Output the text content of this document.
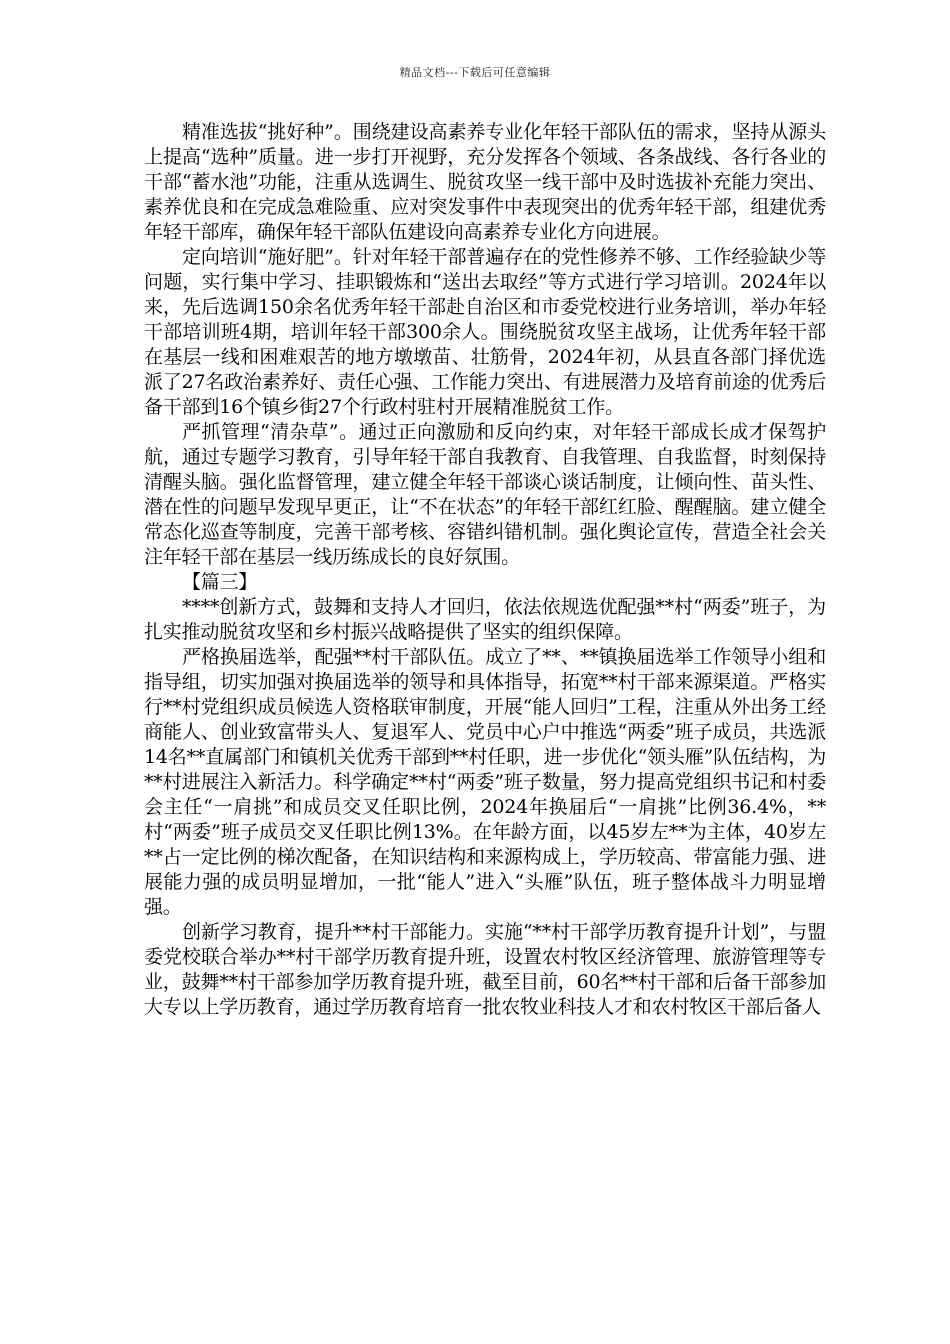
精品文档---下载后可任意编辑

精准选拔“挑好种”。围绕建设高素养专业化年轻干部队伍的需求，坚持从源头上提高“选种”质量。进一步打开视野，充分发挥各个领域、各条战线、各行各业的干部“蓄水池”功能，注重从选调生、脱贫攻坚一线干部中及时选拔补充能力突出、素养优良和在完成急难险重、应对突发事件中表现突出的优秀年轻干部，组建优秀年轻干部库，确保年轻干部队伍建设向高素养专业化方向进展。

定向培训“施好肥”。针对年轻干部普遍存在的党性修养不够、工作经验缺少等问题，实行集中学习、挂职锻炼和“送出去取经”等方式进行学习培训。2024年以来，先后选调150余名优秀年轻干部赴自治区和市委党校进行业务培训，举办年轻干部培训班4期，培训年轻干部300余人。围绕脱贫攻坚主战场，让优秀年轻干部在基层一线和困难艰苦的地方墩墩苗、壮筋骨，2024年初，从县直各部门择优选派了27名政治素养好、责任心强、工作能力突出、有进展潜力及培育前途的优秀后备干部到16个镇乡街27个行政村驻村开展精准脱贫工作。

严抓管理“清杂草”。通过正向激励和反向约束，对年轻干部成长成才保驾护航，通过专题学习教育，引导年轻干部自我教育、自我管理、自我监督，时刻保持清醒头脑。强化监督管理，建立健全年轻干部谈心谈话制度，让倾向性、苗头性、潜在性的问题早发现早更正，让“不在状态”的年轻干部红红脸、醒醒脑。建立健全常态化巡查等制度，完善干部考核、容错纠错机制。强化舆论宣传，营造全社会关注年轻干部在基层一线历练成长的良好氛围。

【篇三】

****创新方式，鼓舞和支持人才回归，依法依规选优配强**村“两委”班子，为扎实推动脱贫攻坚和乡村振兴战略提供了坚实的组织保障。

严格换届选举，配强**村干部队伍。成立了**、**镇换届选举工作领导小组和指导组，切实加强对换届选举的领导和具体指导，拓宽**村干部来源渠道。严格实行**村党组织成员候选人资格联审制度，开展“能人回归”工程，注重从外出务工经商能人、创业致富带头人、复退军人、党员中心户中推选“两委”班子成员，共选派14名**直属部门和镇机关优秀干部到**村任职，进一步优化“领头雁”队伍结构，为**村进展注入新活力。科学确定**村“两委”班子数量，努力提高党组织书记和村委会主任“一肩挑”和成员交叉任职比例，2024年换届后“一肩挑”比例36.4%，**村“两委”班子成员交叉任职比例13%。在年龄方面，以45岁左**为主体，40岁左**占一定比例的梯次配备，在知识结构和来源构成上，学历较高、带富能力强、进展能力强的成员明显增加，一批“能人”进入“头雁”队伍，班子整体战斗力明显增强。

创新学习教育，提升**村干部能力。实施“**村干部学历教育提升计划”，与盟委党校联合举办**村干部学历教育提升班，设置农村牧区经济管理、旅游管理等专业，鼓舞**村干部参加学历教育提升班，截至目前，60名**村干部和后备干部参加大专以上学历教育，通过学历教育培育一批农牧业科技人才和农村牧区干部后备人
